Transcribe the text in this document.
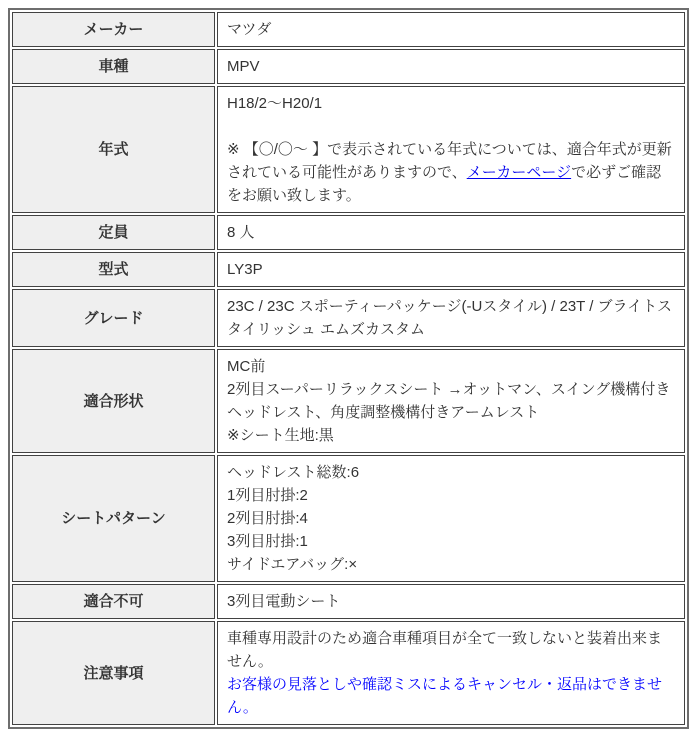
メーカー	マツダ
車種	MPV
年式	H18/2～H20/1
※ 【〇/〇～ 】で表示されている年式については、適合年式が更新されている可能性がありますので、メーカーページで必ずご確認をお願い致します。

定員	8 人
型式	LY3P
グレード	23C / 23C スポーティーパッケージ(-Uスタイル) / 23T / ブライトスタイリッシュ エムズカスタム
適合形状	MC前
2列目スーパーリラックスシート →オットマン、スイング機構付きヘッドレスト、角度調整機構付きアームレスト
※シート生地:黒

シートパターン	ヘッドレスト総数:6
1列目肘掛:2
2列目肘掛:4
3列目肘掛:1
サイドエアバッグ:×

適合不可	3列目電動シート
注意事項	車種専用設計のため適合車種項目が全て一致しないと装着出来ません。
お客様の見落としや確認ミスによるキャンセル・返品はできません。
